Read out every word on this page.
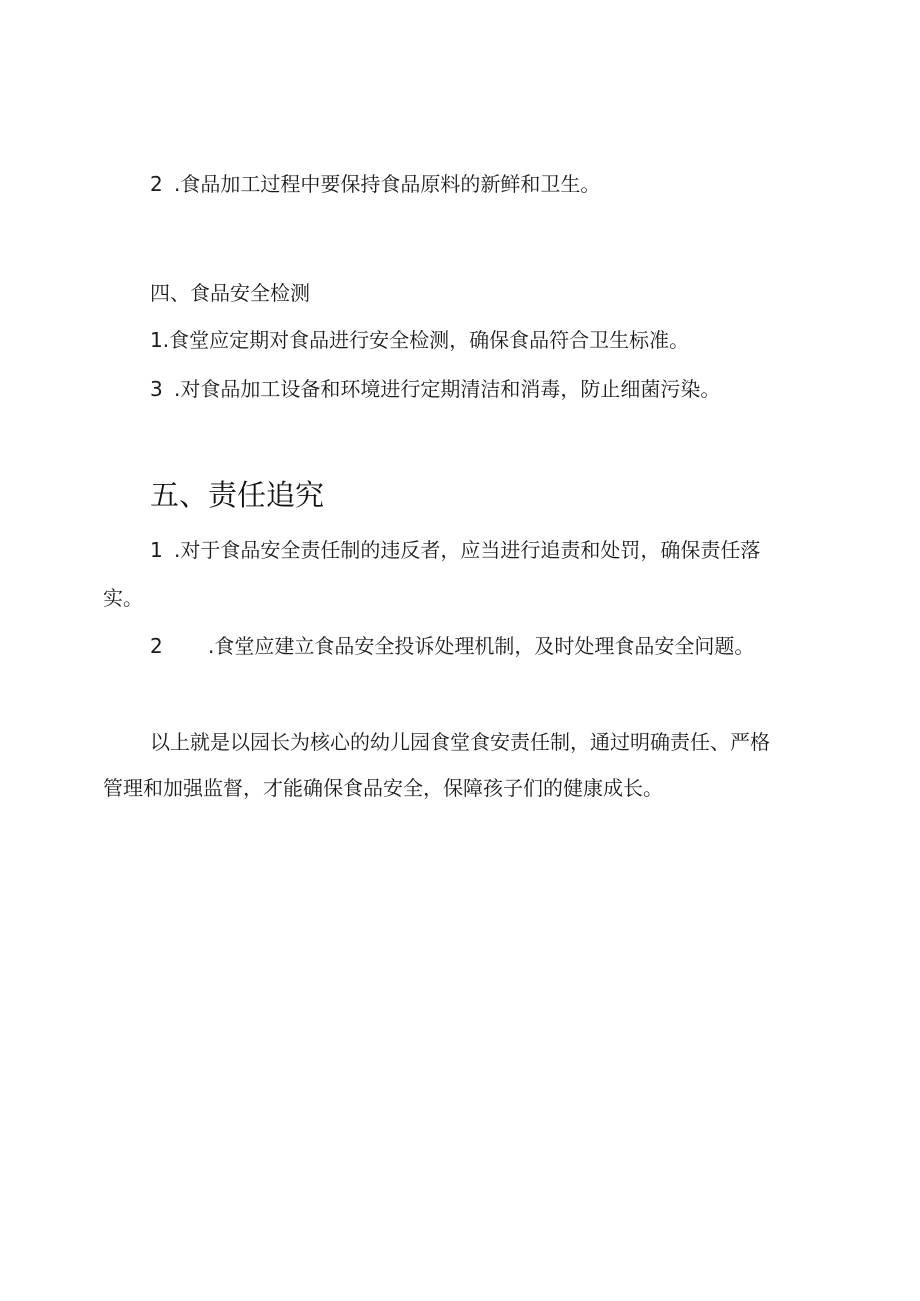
2 .食品加工过程中要保持食品原料的新鲜和卫生。
四、食品安全检测
1.食堂应定期对食品进行安全检测，确保食品符合卫生标准。
3 .对食品加工设备和环境进行定期清洁和消毒，防止细菌污染。
五、责任追究
1 .对于食品安全责任制的违反者，应当进行追责和处罚，确保责任落
实。
2 .食堂应建立食品安全投诉处理机制，及时处理食品安全问题。
以上就是以园长为核心的幼儿园食堂食安责任制，通过明确责任、严格
管理和加强监督，才能确保食品安全，保障孩子们的健康成长。
